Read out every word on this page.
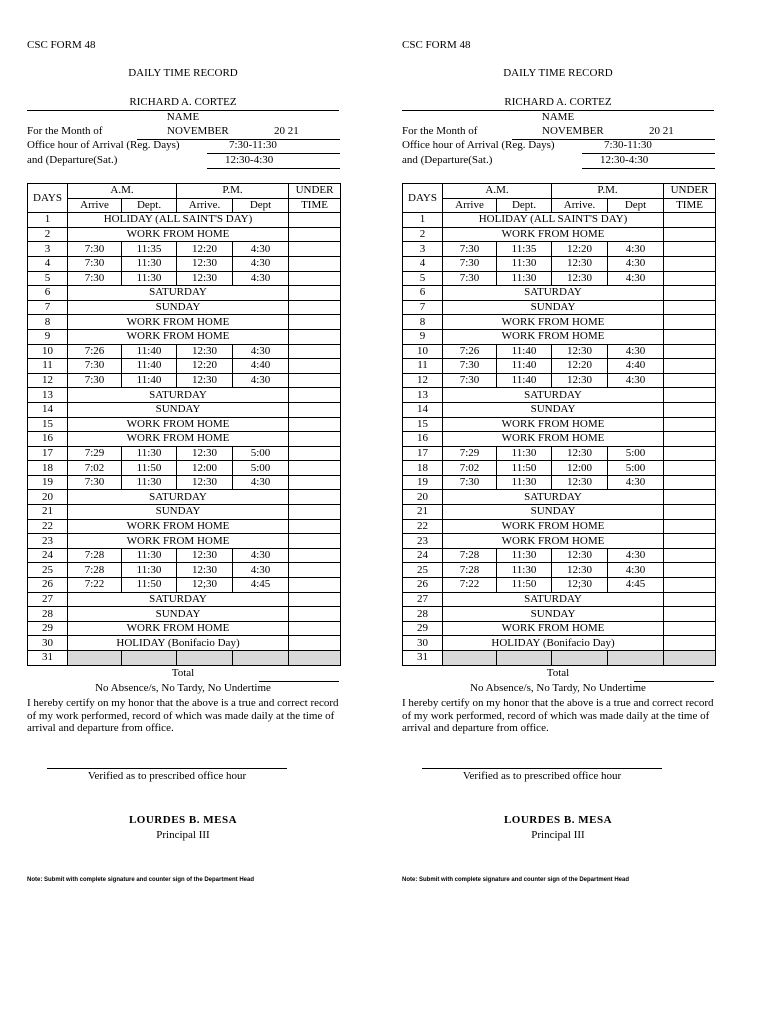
CSC FORM 48
DAILY TIME RECORD
RICHARD A. CORTEZ
NAME
For the Month of	NOVEMBER	20 21
Office hour of Arrival (Reg. Days)	7:30-11:30
and (Departure(Sat.)	12:30-4:30
DAYS	A.M.		P.M.		UNDER
	Arrive	Dept.	Arrive.	Dept	TIME
1	HOLIDAY (ALL SAINT'S DAY)				
2	WORK FROM HOME				
3	7:30	11:35	12:20	4:30	
4	7:30	11:30	12:30	4:30	
5	7:30	11:30	12:30	4:30	
6	SATURDAY				
7	SUNDAY				
8	WORK FROM HOME				
9	WORK FROM HOME				
10	7:26	11:40	12:30	4:30	
11	7:30	11:40	12:20	4:40	
12	7:30	11:40	12:30	4:30	
13	SATURDAY				
14	SUNDAY				
15	WORK FROM HOME				
16	WORK FROM HOME				
17	7:29	11:30	12:30	5:00	
18	7:02	11:50	12:00	5:00	
19	7:30	11:30	12:30	4:30	
20	SATURDAY				
21	SUNDAY				
22	WORK FROM HOME				
23	WORK FROM HOME				
24	7:28	11:30	12:30	4:30	
25	7:28	11:30	12:30	4:30	
26	7:22	11:50	12;30	4:45	
27	SATURDAY				
28	SUNDAY				
29	WORK FROM HOME				
30	HOLIDAY (Bonifacio Day)				
31					
Total
No Absence/s, No Tardy, No Undertime
I hereby certify on my honor that the above is a true and correct record of my work performed, record of which was made daily at the time of arrival and departure from office.
Verified as to prescribed office hour
LOURDES B. MESA
Principal III
Note: Submit with complete signature and counter sign of the Department Head
CSC FORM 48
DAILY TIME RECORD
RICHARD A. CORTEZ
NAME
For the Month of	NOVEMBER	20 21
Office hour of Arrival (Reg. Days)	7:30-11:30
and (Departure(Sat.)	12:30-4:30
DAYS	A.M.		P.M.		UNDER
	Arrive	Dept.	Arrive.	Dept	TIME
1	HOLIDAY (ALL SAINT'S DAY)				
2	WORK FROM HOME				
3	7:30	11:35	12:20	4:30	
4	7:30	11:30	12:30	4:30	
5	7:30	11:30	12:30	4:30	
6	SATURDAY				
7	SUNDAY				
8	WORK FROM HOME				
9	WORK FROM HOME				
10	7:26	11:40	12:30	4:30	
11	7:30	11:40	12:20	4:40	
12	7:30	11:40	12:30	4:30	
13	SATURDAY				
14	SUNDAY				
15	WORK FROM HOME				
16	WORK FROM HOME				
17	7:29	11:30	12:30	5:00	
18	7:02	11:50	12:00	5:00	
19	7:30	11:30	12:30	4:30	
20	SATURDAY				
21	SUNDAY				
22	WORK FROM HOME				
23	WORK FROM HOME				
24	7:28	11:30	12:30	4:30	
25	7:28	11:30	12:30	4:30	
26	7:22	11:50	12;30	4:45	
27	SATURDAY				
28	SUNDAY				
29	WORK FROM HOME				
30	HOLIDAY (Bonifacio Day)				
31					
Total
No Absence/s, No Tardy, No Undertime
I hereby certify on my honor that the above is a true and correct record of my work performed, record of which was made daily at the time of arrival and departure from office.
Verified as to prescribed office hour
LOURDES B. MESA
Principal III
Note: Submit with complete signature and counter sign of the Department Head
